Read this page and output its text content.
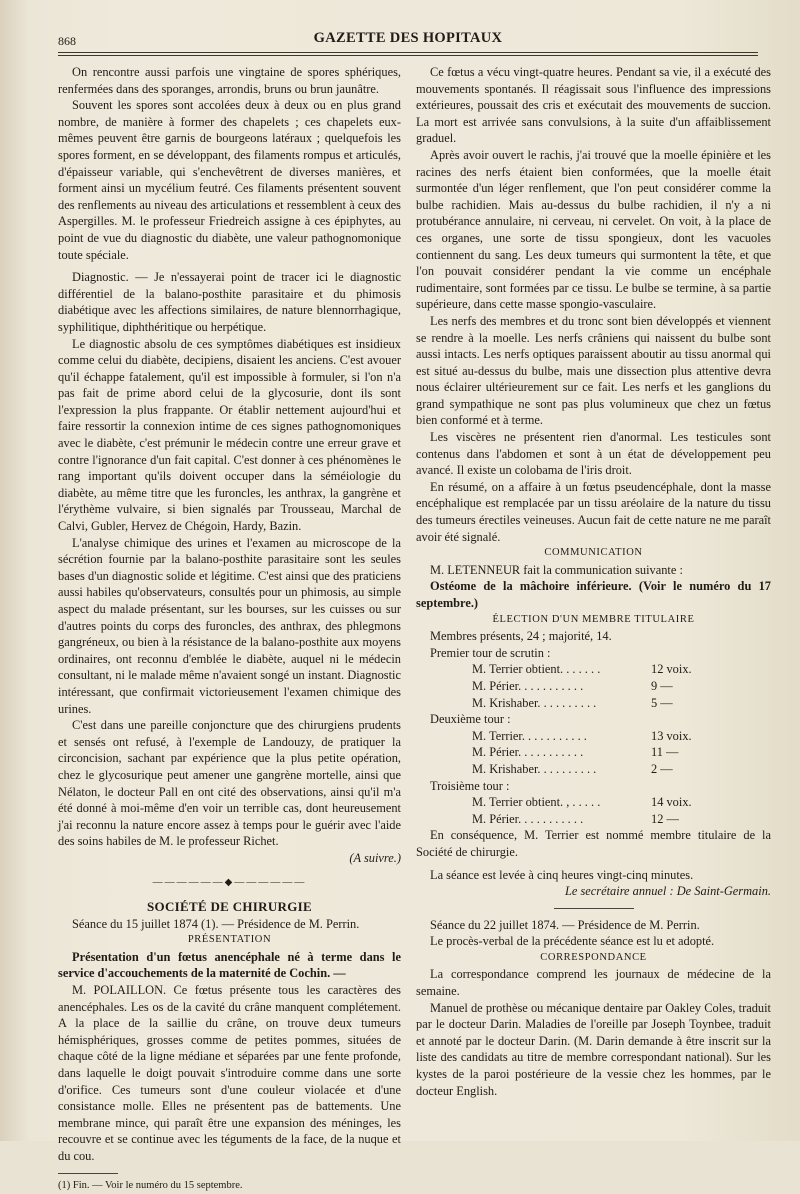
868	GAZETTE DES HOPITAUX

On rencontre aussi parfois une vingtaine de spores sphériques, renfermées dans des sporanges, arrondis, bruns ou brun jaunâtre.

Souvent les spores sont accolées deux à deux ou en plus grand nombre, de manière à former des chapelets ; ces chapelets eux-mêmes peuvent être garnis de bourgeons latéraux ; quelquefois les spores forment, en se développant, des filaments rompus et articulés, d'épaisseur variable, qui s'enchevêtrent de diverses manières, et forment ainsi un mycélium feutré. Ces filaments présentent souvent des renflements au niveau des articulations et ressemblent à ceux des Aspergilles. M. le professeur Friedreich assigne à ces épiphytes, au point de vue du diagnostic du diabète, une valeur pathognomonique toute spéciale.

Diagnostic. — Je n'essayerai point de tracer ici le diagnostic différentiel de la balano-posthite parasitaire et du phimosis diabétique avec les affections similaires, de nature blennorrhagique, syphilitique, diphthéritique ou herpétique.

Le diagnostic absolu de ces symptômes diabétiques est insidieux comme celui du diabète, decipiens, disaient les anciens. C'est avouer qu'il échappe fatalement, qu'il est impossible à formuler, si l'on n'a pas fait de prime abord celui de la glycosurie, dont ils sont l'expression la plus frappante. Or établir nettement aujourd'hui et faire ressortir la connexion intime de ces signes pathognomoniques avec le diabète, c'est prémunir le médecin contre une erreur grave et contre l'ignorance d'un fait capital. C'est donner à ces phénomènes le rang important qu'ils doivent occuper dans la séméiologie du diabète, au même titre que les furoncles, les anthrax, la gangrène et l'érythème vulvaire, si bien signalés par Trousseau, Marchal de Calvi, Gubler, Hervez de Chégoin, Hardy, Bazin.

L'analyse chimique des urines et l'examen au microscope de la sécrétion fournie par la balano-posthite parasitaire sont les seules bases d'un diagnostic solide et légitime. C'est ainsi que des praticiens aussi habiles qu'observateurs, consultés pour un phimosis, au simple aspect du malade présentant, sur les bourses, sur les cuisses ou sur d'autres points du corps des furoncles, des anthrax, des phlegmons gangréneux, ou bien à la résistance de la balano-posthite aux moyens ordinaires, ont reconnu d'emblée le diabète, auquel ni le médecin consultant, ni le malade même n'avaient songé un instant. Diagnostic intéressant, que confirmait victorieusement l'examen chimique des urines.

C'est dans une pareille conjoncture que des chirurgiens prudents et sensés ont refusé, à l'exemple de Landouzy, de pratiquer la circoncision, sachant par expérience que la plus petite opération, chez le glycosurique peut amener une gangrène mortelle, ainsi que Nélaton, le docteur Pall en ont cité des observations, ainsi qu'il m'a été donné à moi-même d'en voir un terrible cas, dont heureusement j'ai reconnu la nature encore assez à temps pour le guérir avec l'aide des soins habiles de M. le professeur Richet.

(A suivre.)

——————◆——————

SOCIÉTÉ DE CHIRURGIE

Séance du 15 juillet 1874 (1). — Présidence de M. Perrin.

PRÉSENTATION

Présentation d'un fœtus anencéphale né à terme dans le service d'accouchements de la maternité de Cochin. —

M. POLAILLON. Ce fœtus présente tous les caractères des anencéphales. Les os de la cavité du crâne manquent complétement. A la place de la saillie du crâne, on trouve deux tumeurs hémisphériques, grosses comme de petites pommes, situées de chaque côté de la ligne médiane et séparées par une fente profonde, dans laquelle le doigt pouvait s'introduire comme dans une sorte d'orifice. Ces tumeurs sont d'une couleur violacée et d'une consistance molle. Elles ne présentent pas de battements. Une membrane mince, qui paraît être une expansion des méninges, les recouvre et se continue avec les téguments de la face, de la nuque et du cou.

(1) Fin. — Voir le numéro du 15 septembre.

Ce fœtus a vécu vingt-quatre heures. Pendant sa vie, il a exécuté des mouvements spontanés. Il réagissait sous l'influence des impressions extérieures, poussait des cris et exécutait des mouvements de succion. La mort est arrivée sans convulsions, à la suite d'un affaiblissement graduel.

Après avoir ouvert le rachis, j'ai trouvé que la moelle épinière et les racines des nerfs étaient bien conformées, que la moelle était surmontée d'un léger renflement, que l'on peut considérer comme la bulbe rachidien. Mais au-dessus du bulbe rachidien, il n'y a ni protubérance annulaire, ni cerveau, ni cervelet. On voit, à la place de ces organes, une sorte de tissu spongieux, dont les vacuoles contiennent du sang. Les deux tumeurs qui surmontent la tête, et que l'on pouvait considérer pendant la vie comme un encéphale rudimentaire, sont formées par ce tissu. Le bulbe se termine, à sa partie supérieure, dans cette masse spongio-vasculaire.

Les nerfs des membres et du tronc sont bien développés et viennent se rendre à la moelle. Les nerfs crâniens qui naissent du bulbe sont aussi intacts. Les nerfs optiques paraissent aboutir au tissu anormal qui est situé au-dessus du bulbe, mais une dissection plus attentive devra nous éclairer ultérieurement sur ce fait. Les nerfs et les ganglions du grand sympathique ne sont pas plus volumineux que chez un fœtus bien conformé et à terme.

Les viscères ne présentent rien d'anormal. Les testicules sont contenus dans l'abdomen et sont à un état de développement peu avancé. Il existe un colobama de l'iris droit.

En résumé, on a affaire à un fœtus pseudencéphale, dont la masse encéphalique est remplacée par un tissu aréolaire de la nature du tissu des tumeurs érectiles veineuses. Aucun fait de cette nature ne me paraît avoir été signalé.

COMMUNICATION

M. LETENNEUR fait la communication suivante :

Ostéome de la mâchoire inférieure. (Voir le numéro du 17 septembre.)

ÉLECTION D'UN MEMBRE TITULAIRE

Membres présents, 24 ; majorité, 14.

Premier tour de scrutin :

M. Terrier obtient. . . . . . .	12 voix.
M. Périer. . . . . . . . . . .	9 —
M. Krishaber. . . . . . . . . .	5 —

Deuxième tour :

M. Terrier. . . . . . . . . . .	13 voix.
M. Périer. . . . . . . . . . .	11 —
M. Krishaber. . . . . . . . . .	2 —

Troisième tour :

M. Terrier obtient. , . . . . .	14 voix.
M. Périer. . . . . . . . . . .	12 —

En conséquence, M. Terrier est nommé membre titulaire de la Société de chirurgie.

La séance est levée à cinq heures vingt-cinq minutes.

Le secrétaire annuel : De Saint-Germain.

Séance du 22 juillet 1874. — Présidence de M. Perrin.

Le procès-verbal de la précédente séance est lu et adopté.

CORRESPONDANCE

La correspondance comprend les journaux de médecine de la semaine.

Manuel de prothèse ou mécanique dentaire par Oakley Coles, traduit par le docteur Darin. Maladies de l'oreille par Joseph Toynbee, traduit et annoté par le docteur Darin. (M. Darin demande à être inscrit sur la liste des candidats au titre de membre correspondant national). Sur les kystes de la paroi postérieure de la vessie chez les hommes, par le docteur English.
